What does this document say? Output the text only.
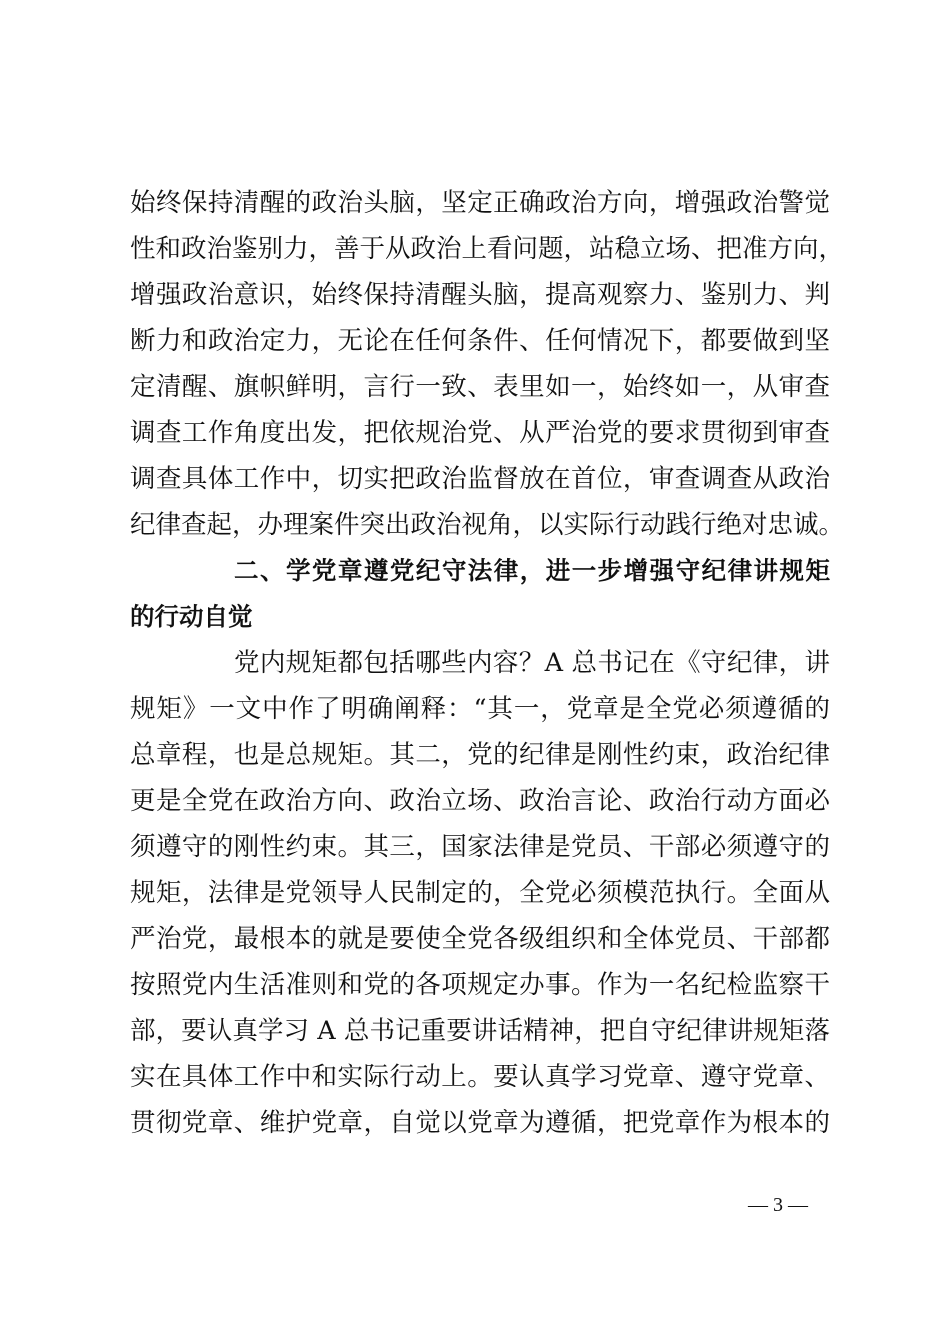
始终保持清醒的政治头脑，坚定正确政治方向，增强政治警觉
性和政治鉴别力，善于从政治上看问题，站稳立场、把准方向，
增强政治意识，始终保持清醒头脑，提高观察力、鉴别力、判
断力和政治定力，无论在任何条件、任何情况下，都要做到坚
定清醒、旗帜鲜明，言行一致、表里如一，始终如一，从审查
调查工作角度出发，把依规治党、从严治党的要求贯彻到审查
调查具体工作中，切实把政治监督放在首位，审查调查从政治
纪律查起，办理案件突出政治视角，以实际行动践行绝对忠诚。
二、学党章遵党纪守法律，进一步增强守纪律讲规矩
的行动自觉
党内规矩都包括哪些内容？A 总书记在《守纪律，讲
规矩》一文中作了明确阐释：“其一，党章是全党必须遵循的
总章程，也是总规矩。其二，党的纪律是刚性约束，政治纪律
更是全党在政治方向、政治立场、政治言论、政治行动方面必
须遵守的刚性约束。其三，国家法律是党员、干部必须遵守的
规矩，法律是党领导人民制定的，全党必须模范执行。全面从
严治党，最根本的就是要使全党各级组织和全体党员、干部都
按照党内生活准则和党的各项规定办事。作为一名纪检监察干
部，要认真学习 A 总书记重要讲话精神，把自守纪律讲规矩落
实在具体工作中和实际行动上。要认真学习党章、遵守党章、
贯彻党章、维护党章，自觉以党章为遵循，把党章作为根本的
— 3 —
